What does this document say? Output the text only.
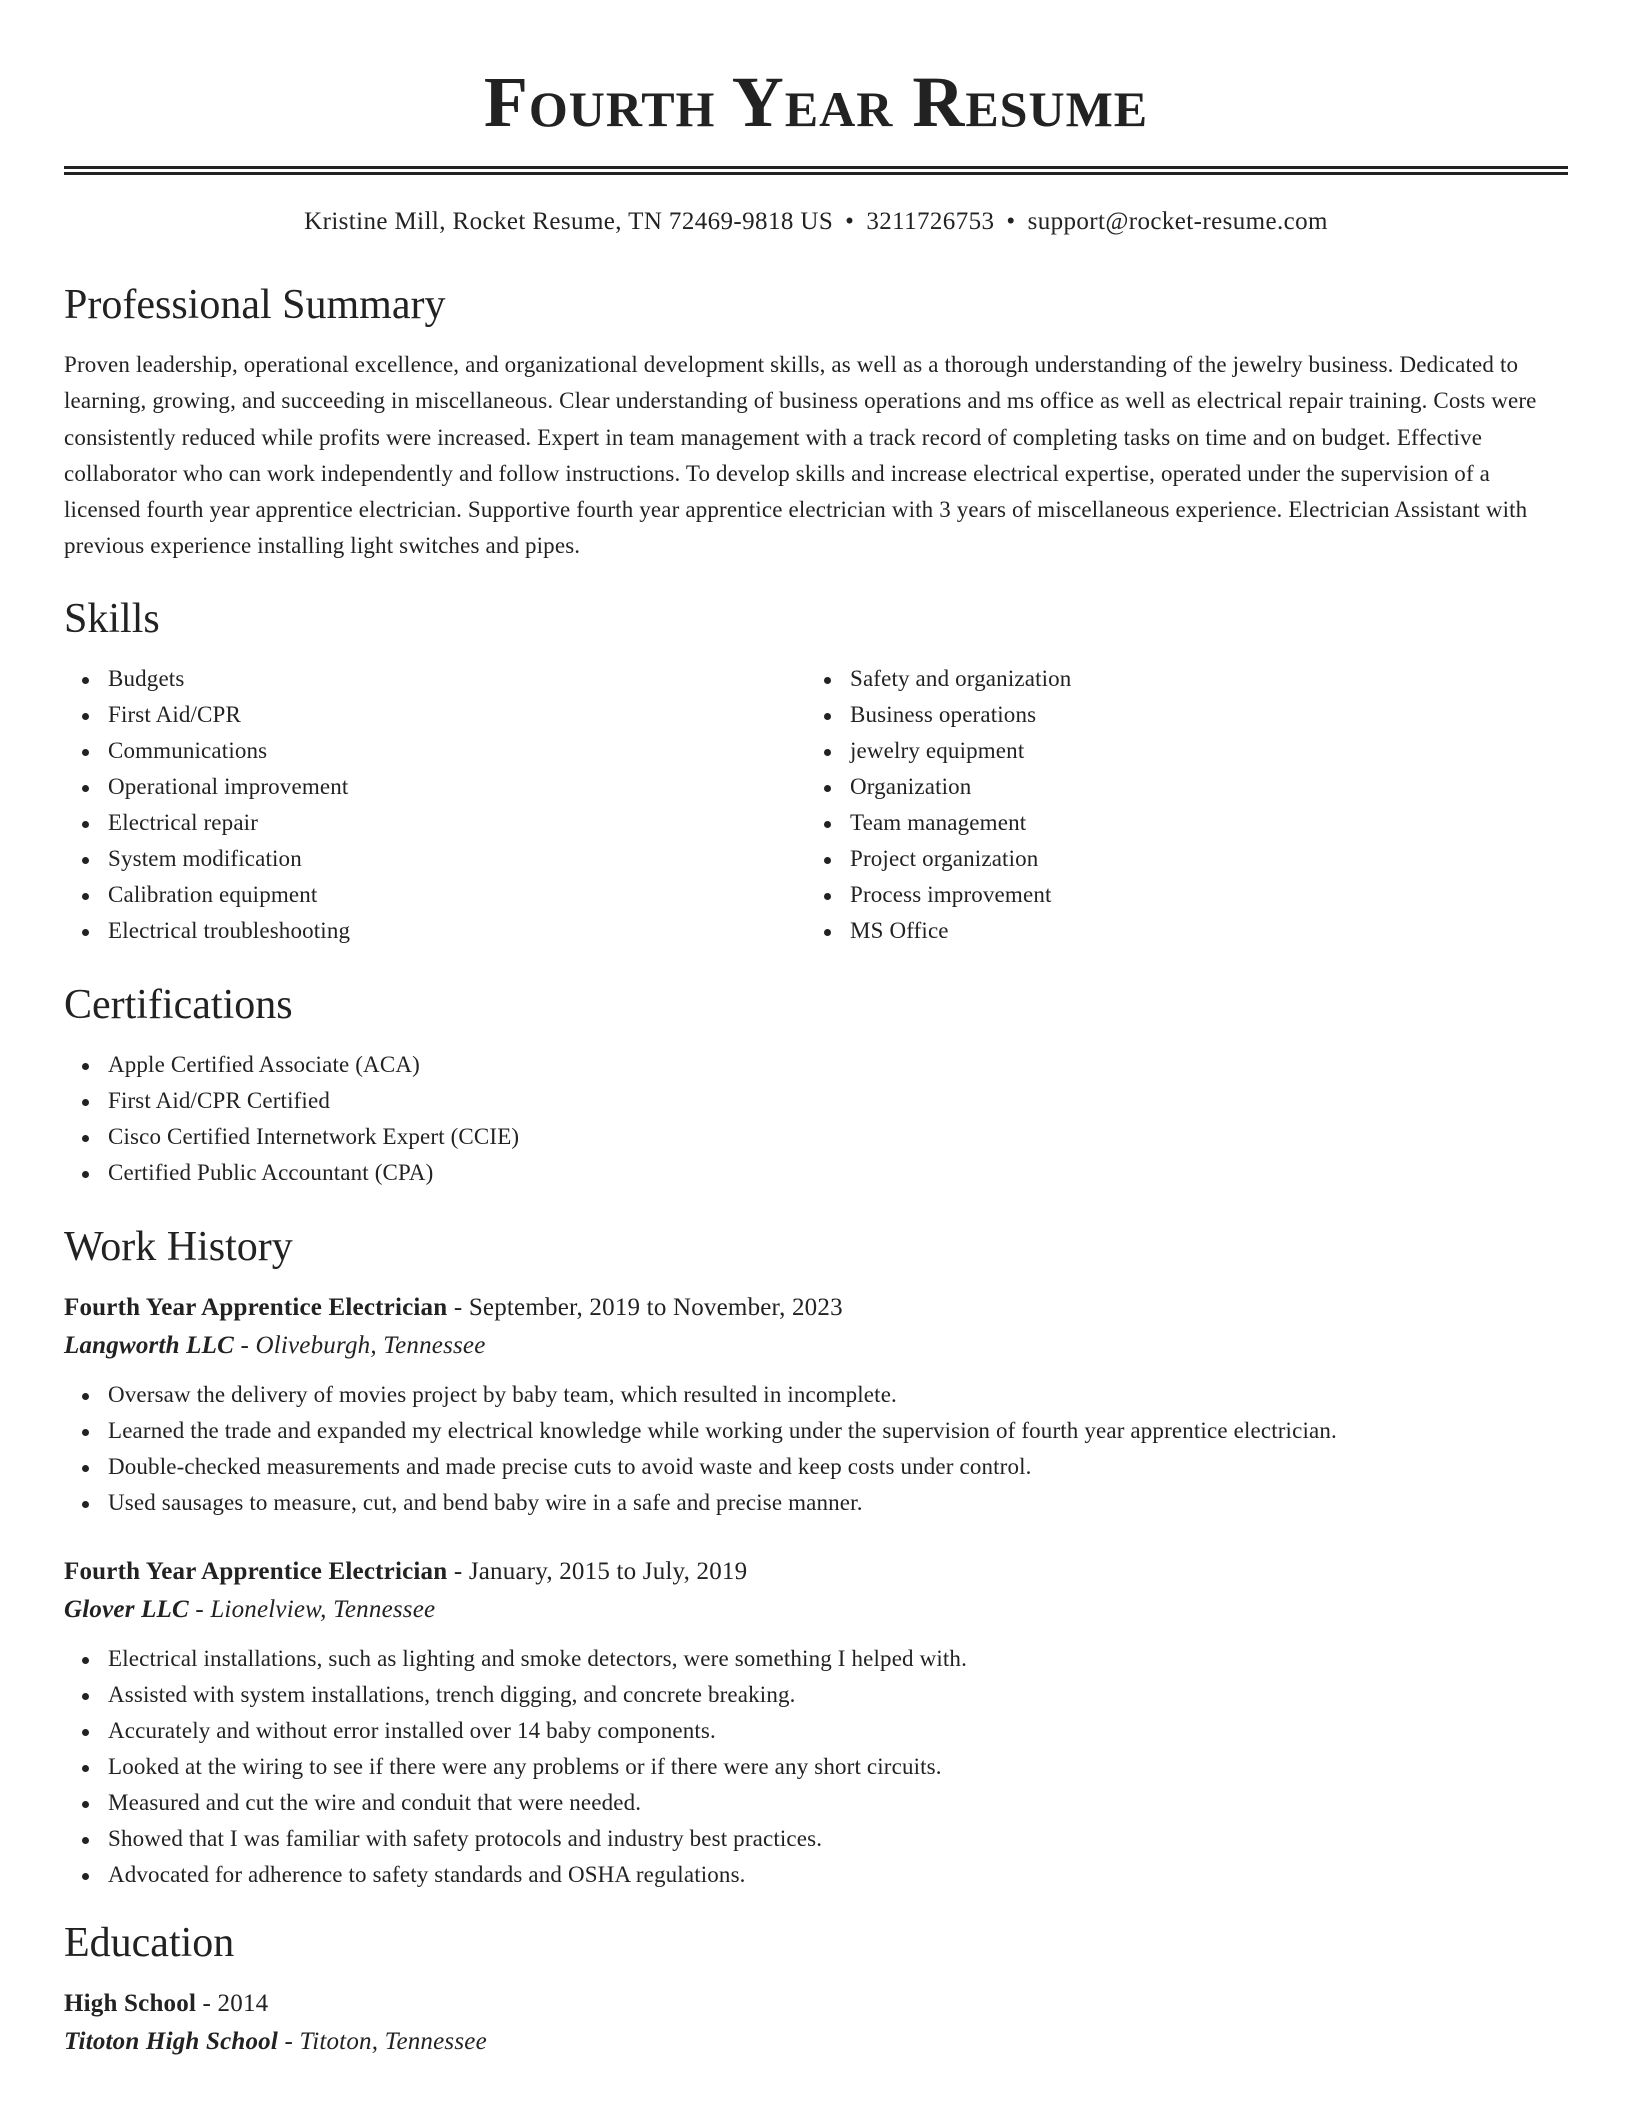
Fourth Year Resume
Kristine Mill, Rocket Resume, TN 72469-9818 US • 3211726753 • support@rocket-resume.com
Professional Summary

Proven leadership, operational excellence, and organizational development skills, as well as a thorough understanding of the jewelry business. Dedicated to learning, growing, and succeeding in miscellaneous. Clear understanding of business operations and ms office as well as electrical repair training. Costs were consistently reduced while profits were increased. Expert in team management with a track record of completing tasks on time and on budget. Effective collaborator who can work independently and follow instructions. To develop skills and increase electrical expertise, operated under the supervision of a licensed fourth year apprentice electrician. Supportive fourth year apprentice electrician with 3 years of miscellaneous experience. Electrician Assistant with previous experience installing light switches and pipes.

Skills
Budgets
First Aid/CPR
Communications
Operational improvement
Electrical repair
System modification
Calibration equipment
Electrical troubleshooting
Safety and organization
Business operations
jewelry equipment
Organization
Team management
Project organization
Process improvement
MS Office
Certifications
Apple Certified Associate (ACA)
First Aid/CPR Certified
Cisco Certified Internetwork Expert (CCIE)
Certified Public Accountant (CPA)
Work History
Fourth Year Apprentice Electrician - September, 2019 to November, 2023
Langworth LLC - Oliveburgh, Tennessee
Oversaw the delivery of movies project by baby team, which resulted in incomplete.
Learned the trade and expanded my electrical knowledge while working under the supervision of fourth year apprentice electrician.
Double-checked measurements and made precise cuts to avoid waste and keep costs under control.
Used sausages to measure, cut, and bend baby wire in a safe and precise manner.
Fourth Year Apprentice Electrician - January, 2015 to July, 2019
Glover LLC - Lionelview, Tennessee
Electrical installations, such as lighting and smoke detectors, were something I helped with.
Assisted with system installations, trench digging, and concrete breaking.
Accurately and without error installed over 14 baby components.
Looked at the wiring to see if there were any problems or if there were any short circuits.
Measured and cut the wire and conduit that were needed.
Showed that I was familiar with safety protocols and industry best practices.
Advocated for adherence to safety standards and OSHA regulations.
Education
High School - 2014
Titoton High School - Titoton, Tennessee
